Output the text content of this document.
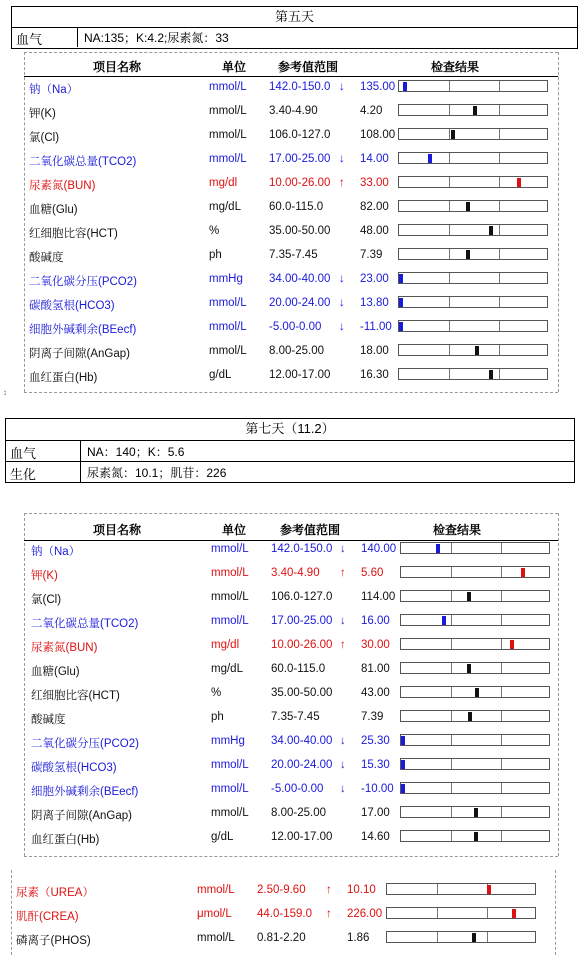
第五天
血气	NA:135；K:4.2;尿素氮：33
↕
项目名称	单位	参考值范围	检查结果
钠（Na）	mmol/L 142.0-150.0 ↓ 135.00
钾(K)	mmol/L 3.40-4.90	4.20
氯(Cl)	mmol/L 106.0-127.0	108.00
二氧化碳总量(TCO2)	mmol/L 17.00-25.00 ↓ 14.00
尿素氮(BUN)	mg/dl	10.00-26.00 ↑ 33.00
血糖(Glu)	mg/dL 60.0-115.0	82.00
红细胞比容(HCT)	%	35.00-50.00	48.00
酸碱度	ph	7.35-7.45	7.39
二氧化碳分压(PCO2)	mmHg 34.00-40.00 ↓ 23.00
碳酸氢根(HCO3)	mmol/L 20.00-24.00 ↓ 13.80
细胞外碱剩余(BEecf)	mmol/L -5.00-0.00 ↓ -11.00
阴离子间隙(AnGap)	mmol/L 8.00-25.00	18.00
血红蛋白(Hb)	g/dL	12.00-17.00	16.30
第七天（11.2）
血气	NA：140；K：5.6
生化	尿素氮：10.1；肌苷：226
项目名称	单位	参考值范围	检查结果
钠（Na）	mmol/L 142.0-150.0 ↓ 140.00
钾(K)	mmol/L 3.40-4.90 ↑ 5.60
氯(Cl)	mmol/L 106.0-127.0 114.00
二氧化碳总量(TCO2)	mmol/L 17.00-25.00 ↓ 16.00
尿素氮(BUN)	mg/dl	10.00-26.00 ↑ 30.00
血糖(Glu)	mg/dL 60.0-115.0	81.00
红细胞比容(HCT)	%	35.00-50.00 43.00
酸碱度	ph	7.35-7.45	7.39
二氧化碳分压(PCO2)	mmHg 34.00-40.00 ↓ 25.30
碳酸氢根(HCO3)	mmol/L 20.00-24.00 ↓ 15.30
细胞外碱剩余(BEecf)	mmol/L -5.00-0.00 ↓ -10.00
阴离子间隙(AnGap)	mmol/L 8.00-25.00	17.00
血红蛋白(Hb)	g/dL	12.00-17.00 14.60
尿素（UREA）	mmol/L 2.50-9.60 ↑ 10.10
肌酐(CREA)	μmol/L 44.0-159.0 ↑ 226.00
磷离子(PHOS)	mmol/L 0.81-2.20	1.86
